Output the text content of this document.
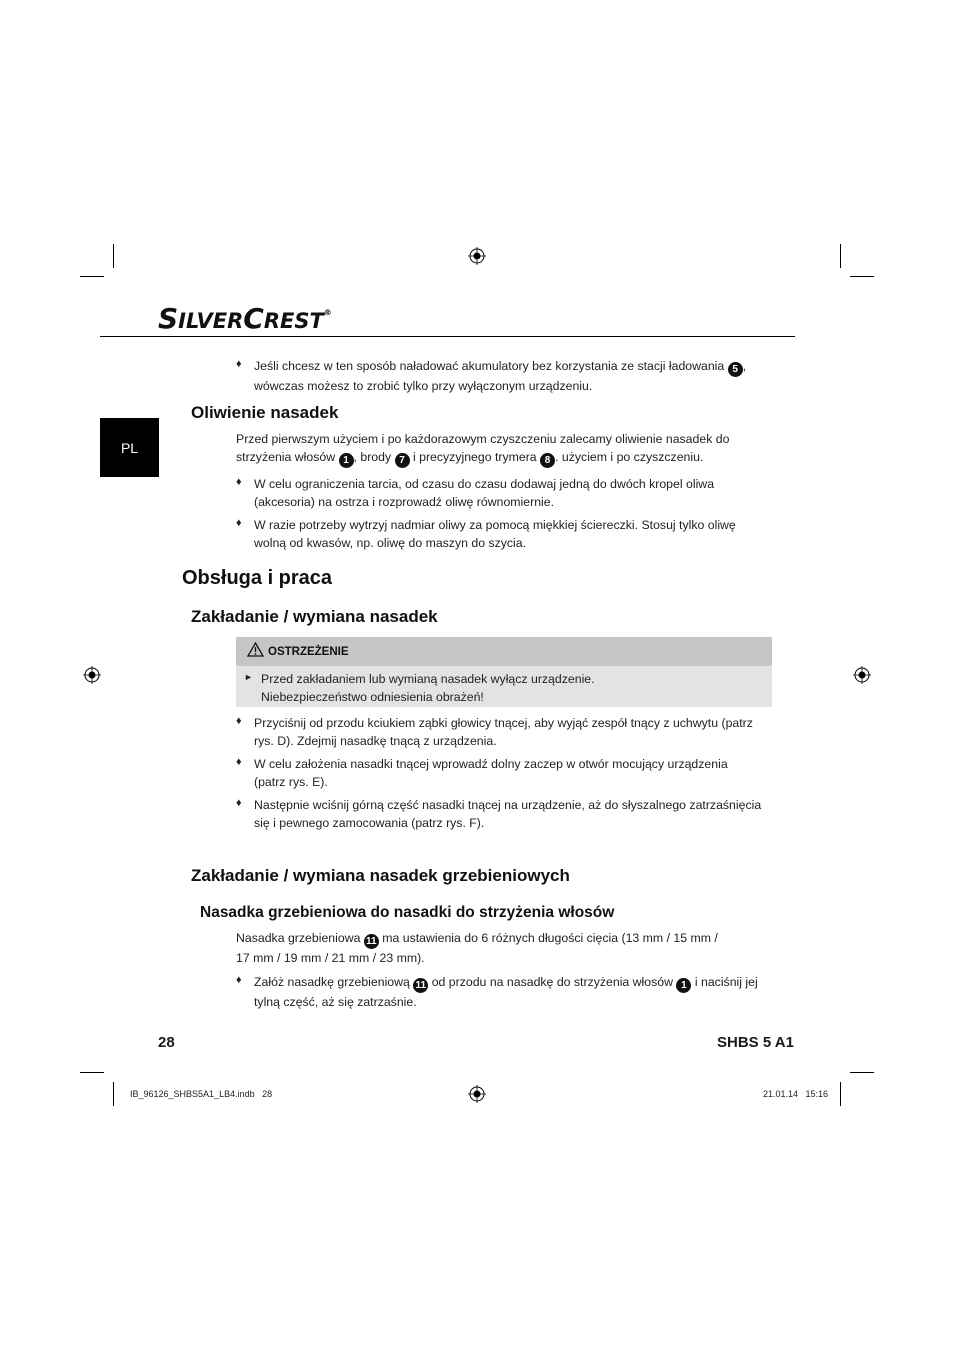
SILVERCREST®
PL
♦ Jeśli chcesz w ten sposób naładować akumulatory bez korzystania ze stacji ładowania 5 ,
wówczas możesz to zrobić tylko przy wyłączonym urządzeniu.
Oliwienie nasadek
Przed pierwszym użyciem i po każdorazowym czyszczeniu zalecamy oliwienie nasadek do
strzyżenia włosów 1 , brody 7 i precyzyjnego trymera 8 . użyciem i po czyszczeniu.
♦ W celu ograniczenia tarcia, od czasu do czasu dodawaj jedną do dwóch kropel oliwa
(akcesoria) na ostrza i rozprowadź oliwę równomiernie.
♦ W razie potrzeby wytrzyj nadmiar oliwy za pomocą miękkiej ściereczki. Stosuj tylko oliwę
wolną od kwasów, np. oliwę do maszyn do szycia.
Obsługa i praca
Zakładanie / wymiana nasadek
OSTRZEŻENIE
► Przed zakładaniem lub wymianą nasadek wyłącz urządzenie.
Niebezpieczeństwo odniesienia obrażeń!
♦ Przyciśnij od przodu kciukiem ząbki głowicy tnącej, aby wyjąć zespół tnący z uchwytu (patrz
rys. D). Zdejmij nasadkę tnącą z urządzenia.
♦ W celu założenia nasadki tnącej wprowadź dolny zaczep w otwór mocujący urządzenia
(patrz rys. E).
♦ Następnie wciśnij górną część nasadki tnącej na urządzenie, aż do słyszalnego zatrzaśnięcia
się i pewnego zamocowania (patrz rys. F).
Zakładanie / wymiana nasadek grzebieniowych
Nasadka grzebieniowa do nasadki do strzyżenia włosów
Nasadka grzebieniowa 11 ma ustawienia do 6 różnych długości cięcia (13 mm / 15 mm /
17 mm / 19 mm / 21 mm / 23 mm).
♦ Załóż nasadkę grzebieniową 11 od przodu na nasadkę do strzyżenia włosów 1 i naciśnij jej
tylną część, aż się zatrzaśnie.
28	SHBS 5 A1
IB_96126_SHBS5A1_LB4.indb   28	21.01.14   15:16
